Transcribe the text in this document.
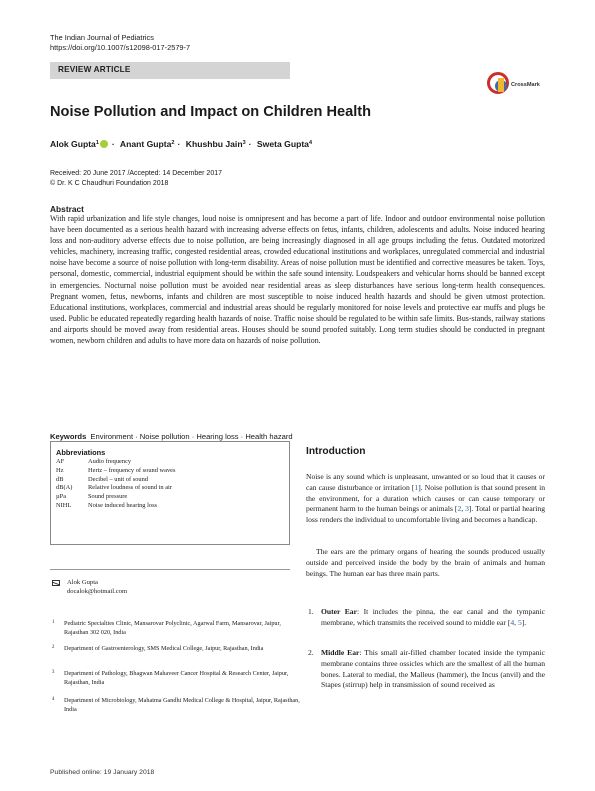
The Indian Journal of Pediatrics
https://doi.org/10.1007/s12098-017-2579-7
REVIEW ARTICLE
CrossMark
Noise Pollution and Impact on Children Health
Alok Gupta$^1$ · Anant Gupta$^2$ · Khushbu Jain$^3$ · Sweta Gupta$^4$
Received: 20 June 2017 /Accepted: 14 December 2017
© Dr. K C Chaudhuri Foundation 2018
Abstract
With rapid urbanization and life style changes, loud noise is omnipresent and has become a part of life. Indoor and outdoor environmental noise pollution have been documented as a serious health hazard with increasing adverse effects on fetus, infants, children, adolescents and adults. Noise induced hearing loss and non-auditory adverse effects due to noise pollution, are being increasingly diagnosed in all age groups including the fetus. Outdated motorized vehicles, machinery, increasing traffic, congested residential areas, crowded educational institutions and workplaces, unregulated commercial and industrial noise have become a source of noise pollution with long-term disability. Areas of noise pollution must be identified and corrective measures be taken. Toys, personal, domestic, commercial, industrial equipment should be within the safe sound intensity. Loudspeakers and vehicular horns should be banned except in emergencies. Nocturnal noise pollution must be avoided near residential areas as sleep disturbances have serious long-term health consequences. Pregnant women, fetus, newborns, infants and children are most susceptible to noise induced health hazards and should be given utmost protection. Educational institutions, workplaces, commercial and industrial areas should be regularly monitored for noise levels and protective ear muffs and plugs be used. Public be educated repeatedly regarding health hazards of noise. Traffic noise should be regulated to be within safe limits. Bus-stands, railway stations and airports should be moved away from residential areas. Houses should be sound proofed suitably. Long term studies should be conducted in pregnant women, newborn children and adults to have more data on hazards of noise pollution.
Keywords Environment · Noise pollution · Hearing loss · Health hazard
Abbreviations
AF	Audio frequency
Hz	Hertz – frequency of sound waves
dB	Decibel – unit of sound
dB(A) Relative loudness of sound in air
µPa	Sound pressure
NIHL	Noise induced hearing loss
Alok Gupta
docalok@hotmail.com
1 Pediatric Specialties Clinic, Mansarovar Polyclinic, Agarwal Farm, Mansarovar, Jaipur, Rajasthan 302 020, India
2 Department of Gastroenterology, SMS Medical College, Jaipur, Rajasthan, India
3 Department of Pathology, Bhagwan Mahaveer Cancer Hospital & Research Center, Jaipur, Rajasthan, India
4 Department of Microbiology, Mahatma Gandhi Medical College & Hospital, Jaipur, Rajasthan, India
Introduction
Noise is any sound which is unpleasant, unwanted or so loud that it causes or can cause disturbance or irritation [1]. Noise pollution is that sound present in the environment, for a duration which causes or can cause temporary or permanent harm to the human beings or animals [2, 3]. Total or partial hearing loss renders the individual to uncomfortable living and becomes a handicap.
The ears are the primary organs of hearing the sounds produced usually outside and perceived inside the body by the brain of animals and human beings. The human ear has three main parts.
1. Outer Ear: It includes the pinna, the ear canal and the tympanic membrane, which transmits the received sound to middle ear [4, 5].
2. Middle Ear: This small air-filled chamber located inside the tympanic membrane contains three ossicles which are the smallest of all the human bones. Lateral to medial, the Malleus (hammer), the Incus (anvil) and the Stapes (stirrup) help in transmission of sound received as
Published online: 19 January 2018
